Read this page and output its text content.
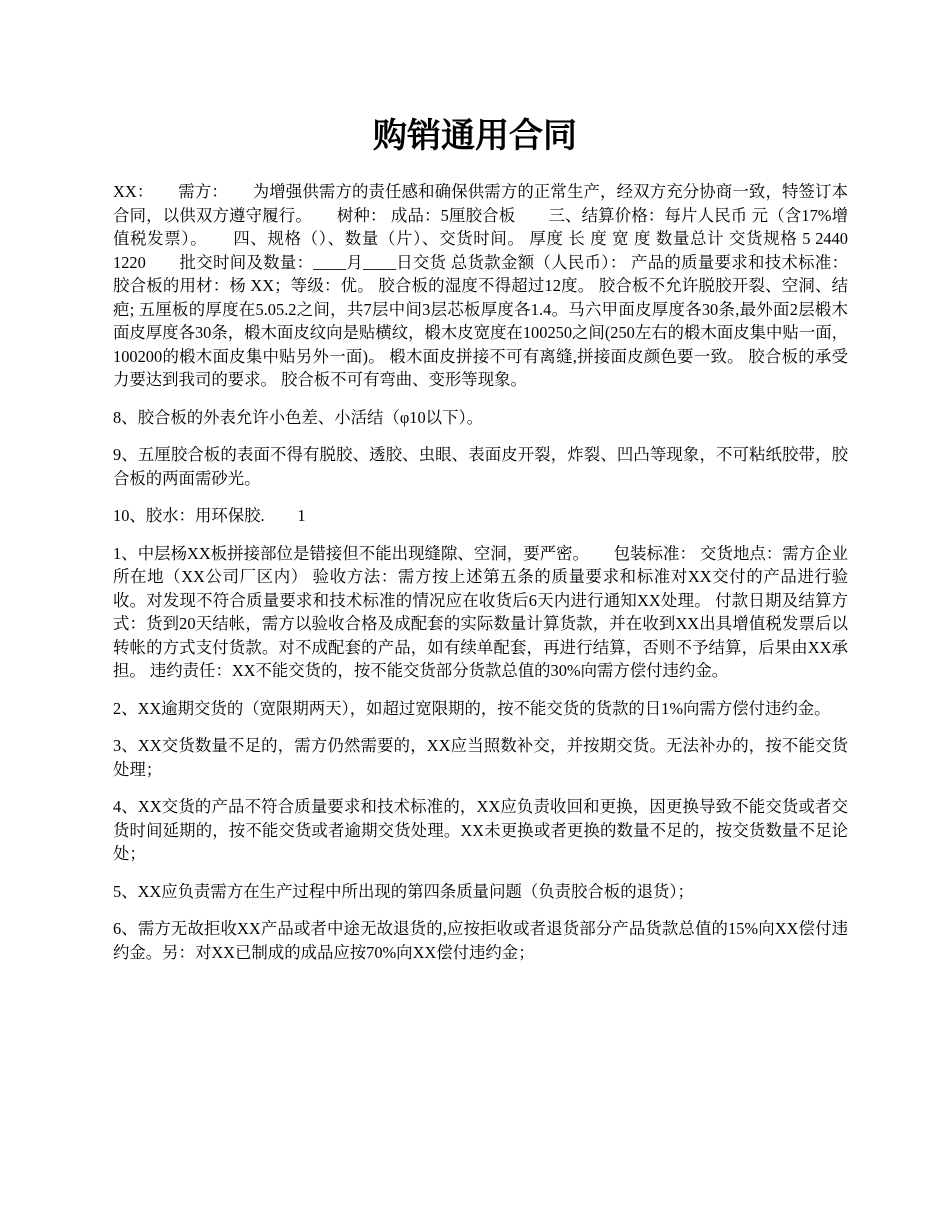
购销通用合同

XX：　　需方：　　为增强供需方的责任感和确保供需方的正常生产，经双方充分协商一致，特签订本合同，以供双方遵守履行。　　树种： 成品：5厘胶合板　　三、结算价格：每片人民币 元（含17%增值税发票）。　　四、规格（）、数量（片）、交货时间。 厚度 长 度 宽 度 数量总计 交货规格 5 2440 1220　　批交时间及数量：____月____日交货 总货款金额（人民币）： 产品的质量要求和技术标准： 胶合板的用材：杨 XX；等级：优。 胶合板的湿度不得超过12度。 胶合板不允许脱胶开裂、空洞、结疤; 五厘板的厚度在5.05.2之间，共7层中间3层芯板厚度各1.4。马六甲面皮厚度各30条,最外面2层椴木面皮厚度各30条，椴木面皮纹向是贴横纹，椴木皮宽度在100250之间(250左右的椴木面皮集中贴一面，100200的椴木面皮集中贴另外一面)。 椴木面皮拼接不可有离缝,拼接面皮颜色要一致。 胶合板的承受力要达到我司的要求。 胶合板不可有弯曲、变形等现象。

8、胶合板的外表允许小色差、小活结（φ10以下）。

9、五厘胶合板的表面不得有脱胶、透胶、虫眼、表面皮开裂，炸裂、凹凸等现象，不可粘纸胶带，胶合板的两面需砂光。

10、胶水：用环保胶.　　1

1、中层杨XX板拼接部位是错接但不能出现缝隙、空洞，要严密。　　包装标准： 交货地点：需方企业所在地（XX公司厂区内） 验收方法：需方按上述第五条的质量要求和标准对XX交付的产品进行验收。对发现不符合质量要求和技术标准的情况应在收货后6天内进行通知XX处理。 付款日期及结算方式：货到20天结帐，需方以验收合格及成配套的实际数量计算货款，并在收到XX出具增值税发票后以转帐的方式支付货款。对不成配套的产品，如有续单配套，再进行结算，否则不予结算，后果由XX承担。 违约责任：XX不能交货的，按不能交货部分货款总值的30%向需方偿付违约金。

2、XX逾期交货的（宽限期两天），如超过宽限期的，按不能交货的货款的日1%向需方偿付违约金。

3、XX交货数量不足的，需方仍然需要的，XX应当照数补交，并按期交货。无法补办的，按不能交货处理；

4、XX交货的产品不符合质量要求和技术标准的，XX应负责收回和更换，因更换导致不能交货或者交货时间延期的，按不能交货或者逾期交货处理。XX未更换或者更换的数量不足的，按交货数量不足论处；

5、XX应负责需方在生产过程中所出现的第四条质量问题（负责胶合板的退货）；

6、需方无故拒收XX产品或者中途无故退货的,应按拒收或者退货部分产品货款总值的15%向XX偿付违约金。另：对XX已制成的成品应按70%向XX偿付违约金；
